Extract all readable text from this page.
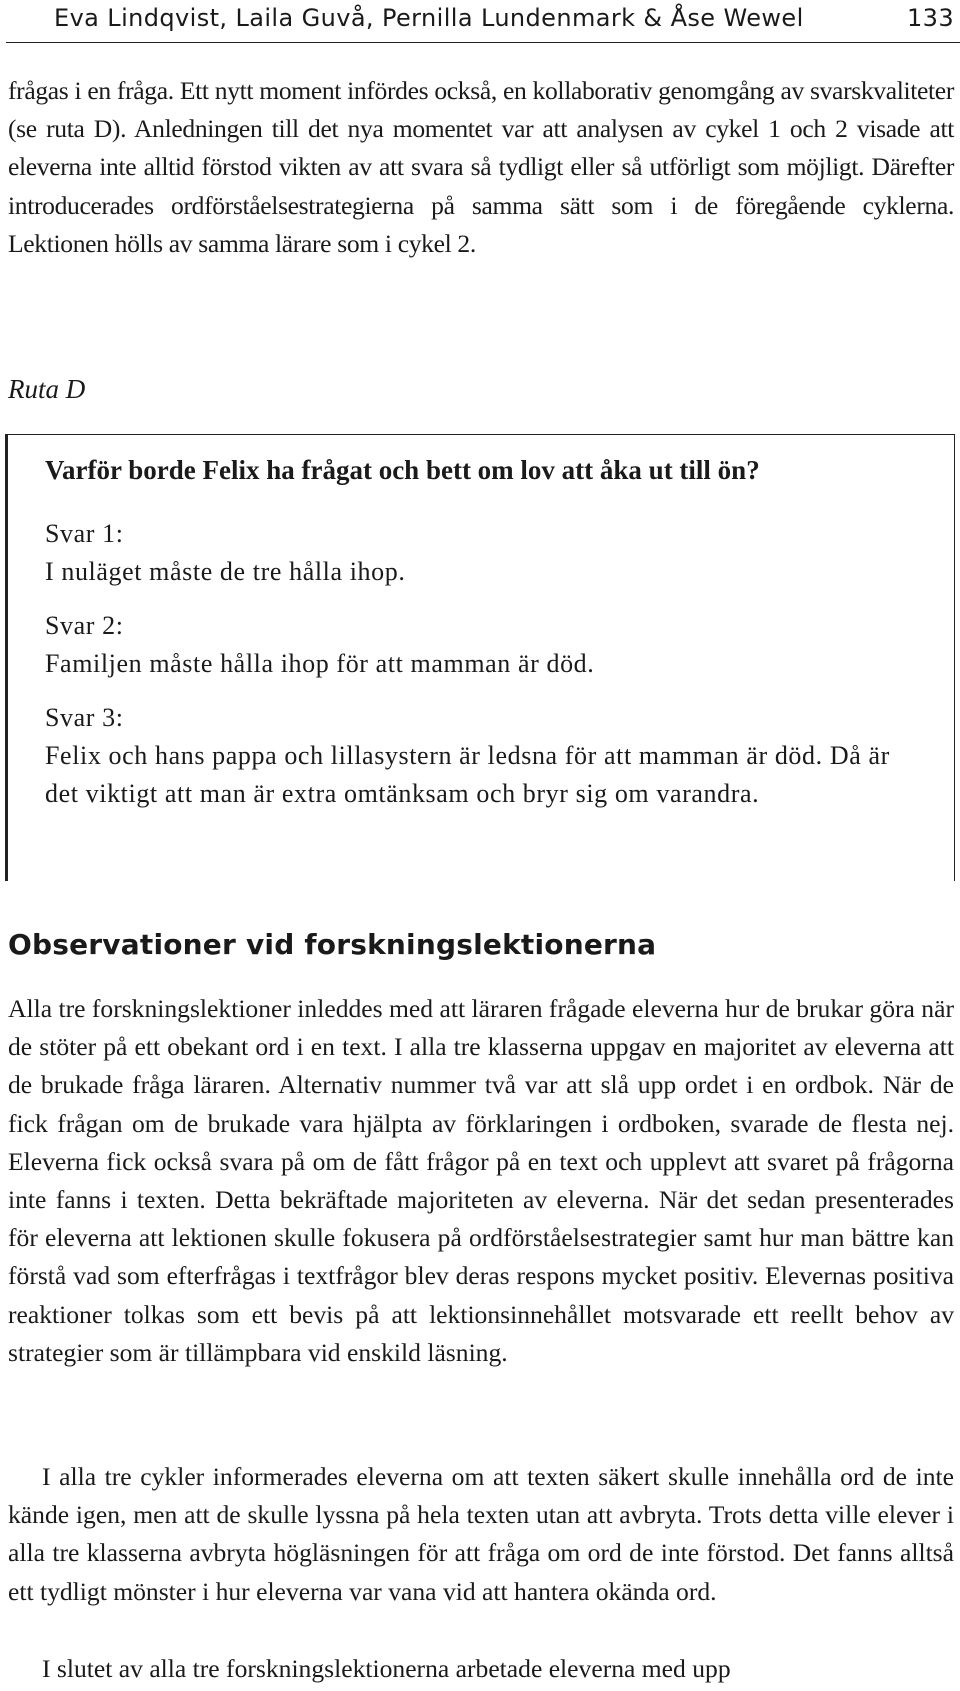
Eva Lindqvist, Laila Guvå, Pernilla Lundenmark & Åse Wewel	133

frågas i en fråga. Ett nytt moment infördes också, en kollaborativ genomgång av svarskvaliteter (se ruta D). Anledningen till det nya momentet var att analysen av cykel 1 och 2 visade att eleverna inte alltid förstod vikten av att svara så tydligt eller så utförligt som möjligt. Därefter introducerades ordförståelsestrategierna på samma sätt som i de föregående cyklerna. Lektionen hölls av samma lärare som i cykel 2.

Ruta D

Varför borde Felix ha frågat och bett om lov att åka ut till ön?

Svar 1:

I nuläget måste de tre hålla ihop.

Svar 2:

Familjen måste hålla ihop för att mamman är död.

Svar 3:

Felix och hans pappa och lillasystern är ledsna för att mamman är död. Då är det viktigt att man är extra omtänksam och bryr sig om varandra.

Observationer vid forskningslektionerna

Alla tre forskningslektioner inleddes med att läraren frågade eleverna hur de brukar göra när de stöter på ett obekant ord i en text. I alla tre klasserna uppgav en majoritet av eleverna att de brukade fråga läraren. Alternativ nummer två var att slå upp ordet i en ordbok. När de fick frågan om de brukade vara hjälpta av förklaringen i ordboken, svarade de flesta nej. Eleverna fick också svara på om de fått frågor på en text och upplevt att svaret på frågorna inte fanns i texten. Detta bekräftade majoriteten av eleverna. När det sedan presenterades för eleverna att lektionen skulle fokusera på ordförståelsestrategier samt hur man bättre kan förstå vad som efterfrågas i textfrågor blev deras respons mycket positiv. Elevernas positiva reaktioner tolkas som ett bevis på att lektionsinnehållet motsvarade ett reellt behov av strategier som är tillämpbara vid enskild läsning.

I alla tre cykler informerades eleverna om att texten säkert skulle innehålla ord de inte kände igen, men att de skulle lyssna på hela texten utan att avbryta. Trots detta ville elever i alla tre klasserna avbryta högläsningen för att fråga om ord de inte förstod. Det fanns alltså ett tydligt mönster i hur eleverna var vana vid att hantera okända ord.

I slutet av alla tre forskningslektionerna arbetade eleverna med upp
